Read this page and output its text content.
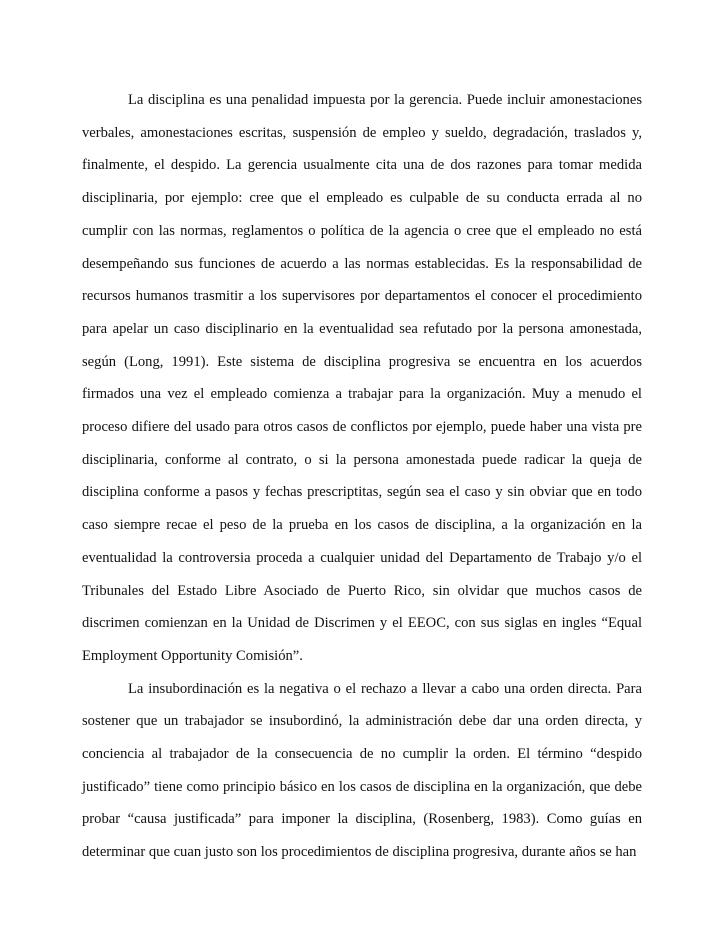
La disciplina es una penalidad impuesta por la gerencia. Puede incluir amonestaciones verbales, amonestaciones escritas, suspensión de empleo y sueldo, degradación, traslados y, finalmente, el despido. La gerencia usualmente cita una de dos razones para tomar medida disciplinaria, por ejemplo: cree que el empleado es culpable de su conducta errada al no cumplir con las normas, reglamentos o política de la agencia o cree que el empleado no está desempeñando sus funciones de acuerdo a las normas establecidas. Es la responsabilidad de recursos humanos trasmitir a los supervisores por departamentos el conocer el procedimiento para apelar un caso disciplinario en la eventualidad sea refutado por la persona amonestada, según (Long, 1991). Este sistema de disciplina progresiva se encuentra en los acuerdos firmados una vez el empleado comienza a trabajar para la organización. Muy a menudo el proceso difiere del usado para otros casos de conflictos por ejemplo, puede haber una vista pre disciplinaria, conforme al contrato, o si la persona amonestada puede radicar la queja de disciplina conforme a pasos y fechas prescriptitas, según sea el caso y sin obviar que en todo caso siempre recae el peso de la prueba en los casos de disciplina, a la organización en la eventualidad la controversia proceda a cualquier unidad del Departamento de Trabajo y/o el Tribunales del Estado Libre Asociado de Puerto Rico, sin olvidar que muchos casos de discrimen comienzan en la Unidad de Discrimen y el EEOC, con sus siglas en ingles “Equal Employment Opportunity Comisión”.

La insubordinación es la negativa o el rechazo a llevar a cabo una orden directa. Para sostener que un trabajador se insubordinó, la administración debe dar una orden directa, y conciencia al trabajador de la consecuencia de no cumplir la orden. El término “despido justificado” tiene como principio básico en los casos de disciplina en la organización, que debe probar “causa justificada” para imponer la disciplina, (Rosenberg, 1983). Como guías en determinar que cuan justo son los procedimientos de disciplina progresiva, durante años se han
